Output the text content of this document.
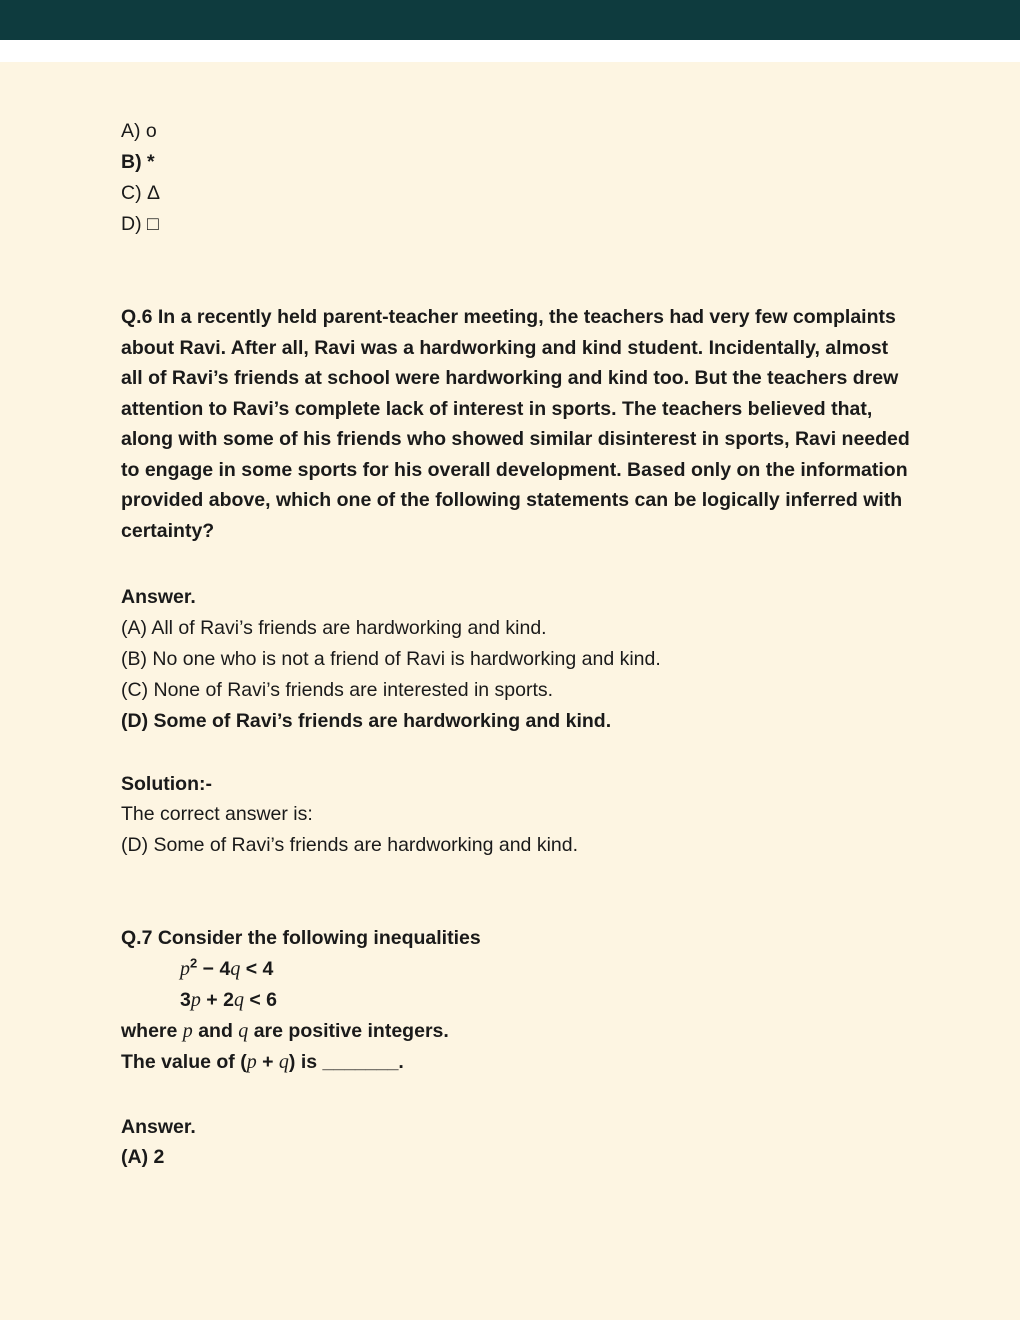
A) o
B) *
C) Δ
D) □

Q.6 In a recently held parent-teacher meeting, the teachers had very few complaints about Ravi. After all, Ravi was a hardworking and kind student. Incidentally, almost all of Ravi’s friends at school were hardworking and kind too. But the teachers drew attention to Ravi’s complete lack of interest in sports. The teachers believed that, along with some of his friends who showed similar disinterest in sports, Ravi needed to engage in some sports for his overall development. Based only on the information provided above, which one of the following statements can be logically inferred with certainty?

Answer.
(A) All of Ravi’s friends are hardworking and kind.
(B) No one who is not a friend of Ravi is hardworking and kind.
(C) None of Ravi’s friends are interested in sports.
(D) Some of Ravi’s friends are hardworking and kind.
Solution:-
The correct answer is:
(D) Some of Ravi’s friends are hardworking and kind.
Q.7 Consider the following inequalities
$p^2 - 4q < 4$
3p + 2q < 6
where p and q are positive integers.
The value of (p + q) is _______.
Answer.
(A) 2
